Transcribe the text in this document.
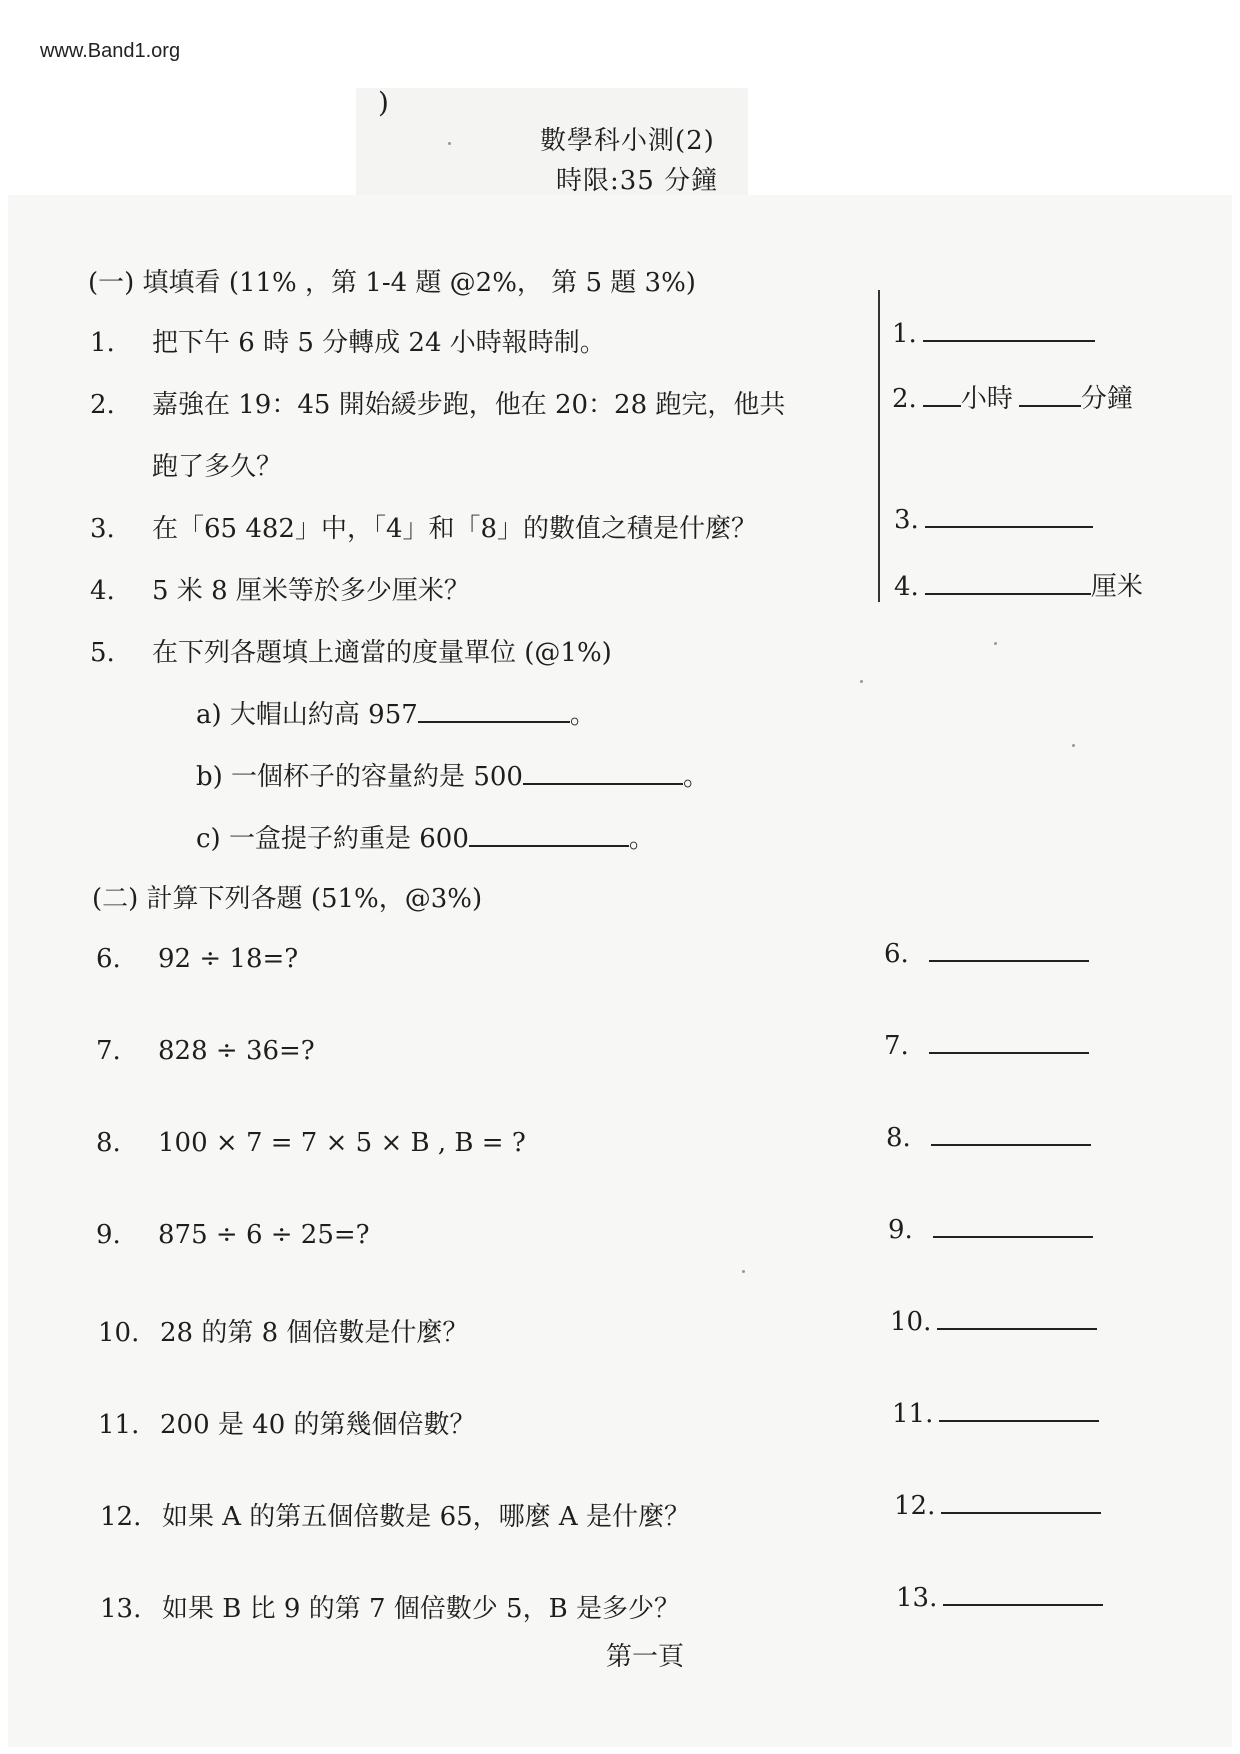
www.Band1.org
)
數學科小測(2)
時限:35 分鐘
(一) 填填看 (11% ，第 1-4 題 @2%， 第 5 題 3%)
1. 把下午 6 時 5 分轉成 24 小時報時制。
2. 嘉強在 19：45 開始緩步跑，他在 20：28 跑完，他共
跑了多久？
3. 在「65 482」中，「4」和「8」的數值之積是什麼？
4. 5 米 8 厘米等於多少厘米？
5. 在下列各題填上適當的度量單位 (@1%)
a) 大帽山約高 957	。
b) 一個杯子的容量約是 500	。
c) 一盒提子約重是 600	。
1.
2. 小時	分鐘
3.
4.	厘米
(二) 計算下列各題 (51%，@3%)
6. 92 ÷ 18=?	6.
7. 828 ÷ 36=?	7.
8. 100 × 7 = 7 × 5 × B , B = ?	8.
9. 875 ÷ 6 ÷ 25=?	9.
10. 28 的第 8 個倍數是什麼？	10.
11. 200 是 40 的第幾個倍數？	11.
12. 如果 A 的第五個倍數是 65，哪麼 A 是什麼？	12.
13. 如果 B 比 9 的第 7 個倍數少 5，B 是多少？	13.
第一頁
